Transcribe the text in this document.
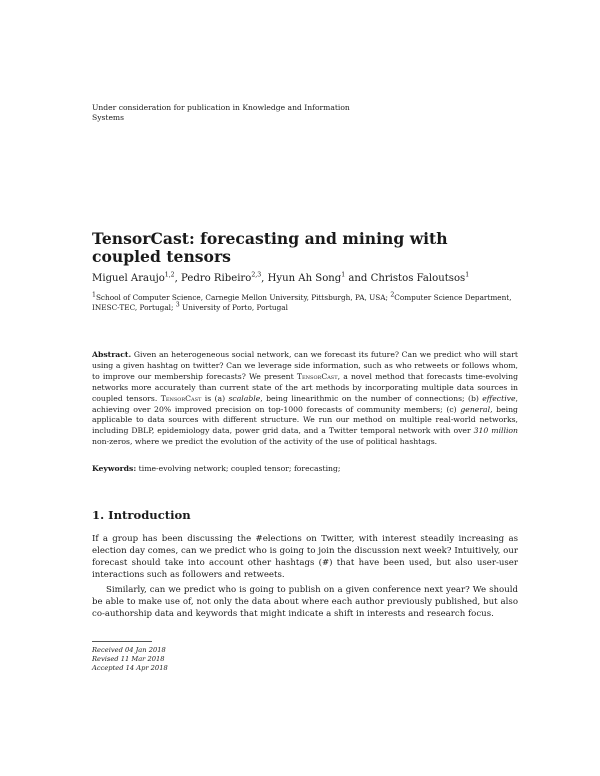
Under consideration for publication in Knowledge and Information
Systems
TensorCast: forecasting and mining with
coupled tensors
Miguel Araujo$^{1,2}$, Pedro Ribeiro$^{2,3}$, Hyun Ah Song$^1$ and Christos Faloutsos$^1$
$^1$School of Computer Science, Carnegie Mellon University, Pittsburgh, PA, USA; $^2$Computer Science Department, INESC-TEC, Portugal; $^3$ University of Porto, Portugal
Abstract. Given an heterogeneous social network, can we forecast its future? Can we predict who will start using a given hashtag on twitter? Can we leverage side information, such as who retweets or follows whom, to improve our membership forecasts? We present TensorCast, a novel method that forecasts time-evolving networks more accurately than current state of the art methods by incorporating multiple data sources in coupled tensors. TensorCast is (a) scalable, being linearithmic on the number of connections; (b) effective, achieving over 20% improved precision on top-1000 forecasts of community members; (c) general, being applicable to data sources with different structure. We run our method on multiple real-world networks, including DBLP, epidemiology data, power grid data, and a Twitter temporal network with over 310 million non-zeros, where we predict the evolution of the activity of the use of political hashtags.
Keywords: time-evolving network; coupled tensor; forecasting;
1. Introduction
If a group has been discussing the #elections on Twitter, with interest steadily increasing as election day comes, can we predict who is going to join the discussion next week? Intuitively, our forecast should take into account other hashtags (#) that have been used, but also user-user interactions such as followers and retweets.
Similarly, can we predict who is going to publish on a given conference next year? We should be able to make use of, not only the data about where each author previously published, but also co-authorship data and keywords that might indicate a shift in interests and research focus.
Received 04 Jan 2018
Revised 11 Mar 2018
Accepted 14 Apr 2018
